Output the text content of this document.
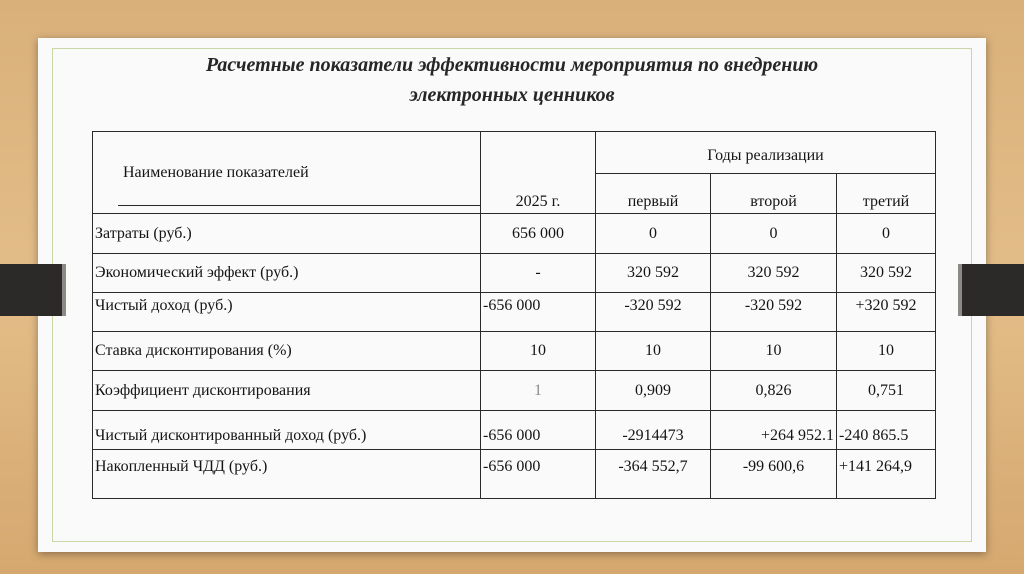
Расчетные показатели эффективности мероприятия по внедрению
электронных ценников
Наименование показателей	2025 г.	Годы реализации		
		первый	второй	третий
Затраты (руб.)	656 000	0	0	0
Экономический эффект (руб.)	-	320 592	320 592	320 592
Чистый доход (руб.)	-656 000	-320 592	-320 592	+320 592
Ставка дисконтирования (%)	10	10	10	10
Коэффициент дисконтирования	1	0,909	0,826	0,751
Чистый дисконтированный доход (руб.)	-656 000	-2914473	+264 952.1	-240 865.5
Накопленный ЧДД (руб.)	-656 000	-364 552,7	-99 600,6	+141 264,9
